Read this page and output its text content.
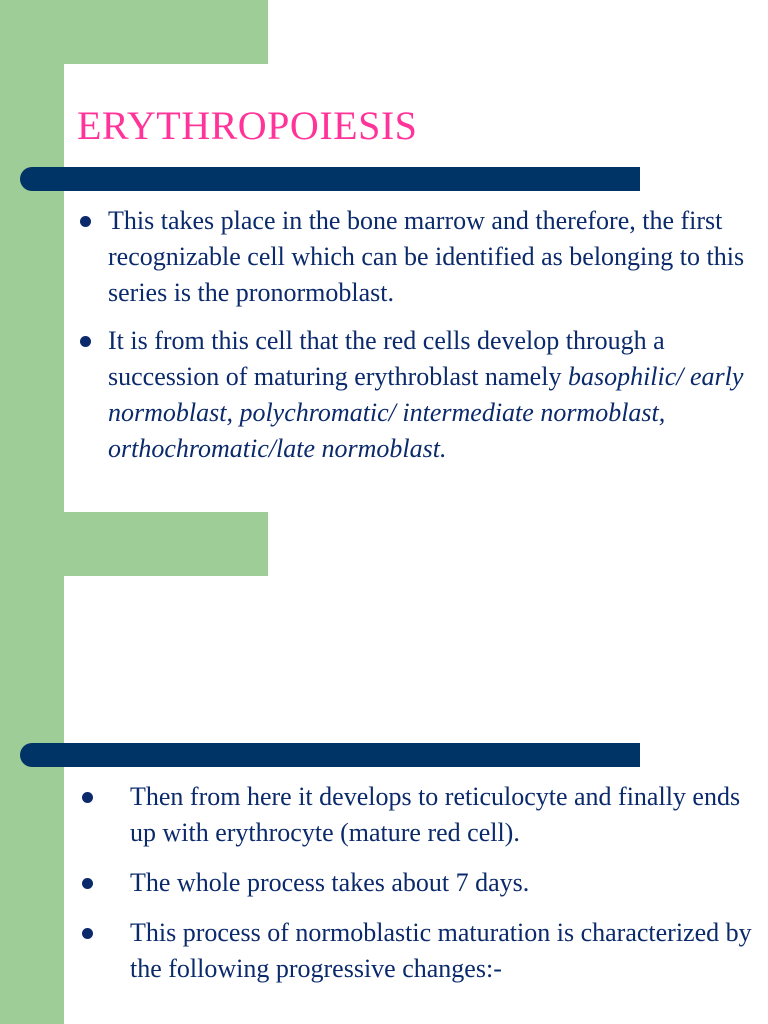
ERYTHROPOIESIS
This takes place in the bone marrow and therefore, the first recognizable cell which can be identified as belonging to this series is the pronormoblast.
It is from this cell that the red cells develop through a succession of maturing erythroblast namely basophilic/ early normoblast, polychromatic/ intermediate normoblast, orthochromatic/late normoblast.
Then from here it develops to reticulocyte and finally ends up with erythrocyte (mature red cell).
The whole process takes about 7 days.
This process of normoblastic maturation is characterized by the following progressive changes:-
